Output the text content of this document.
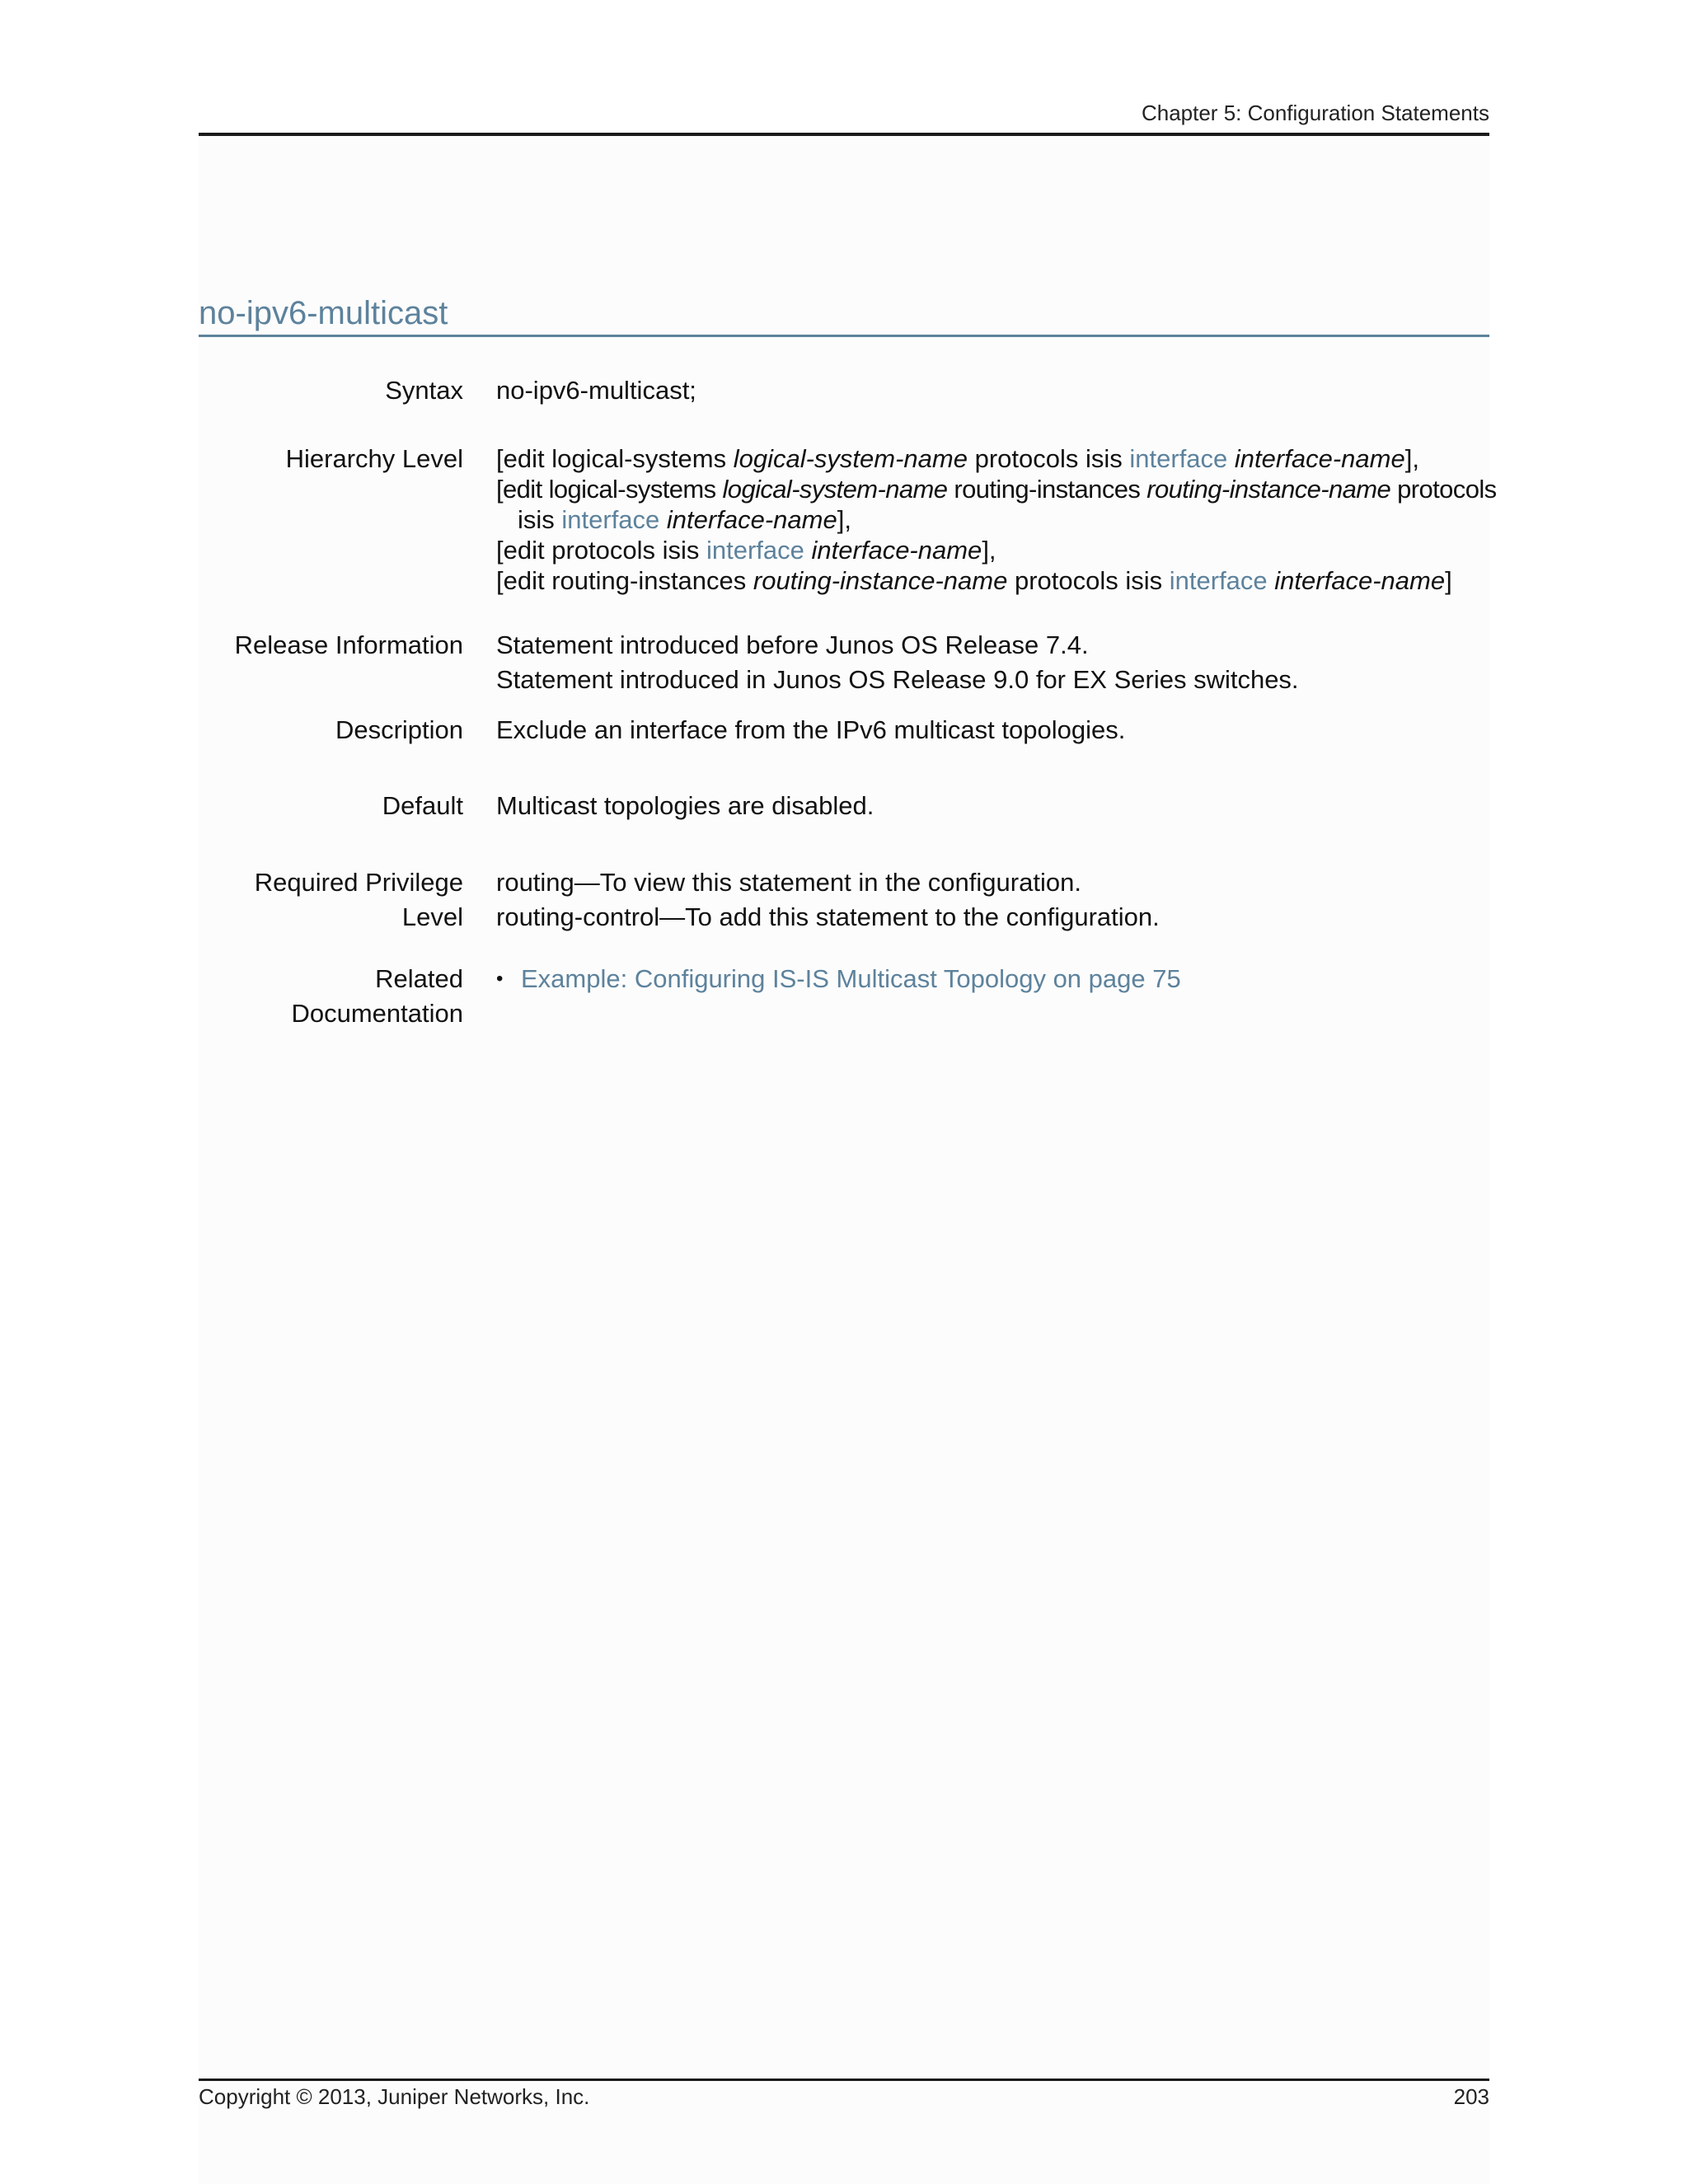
Chapter 5: Configuration Statements
no-ipv6-multicast
Syntax no-ipv6-multicast;
Hierarchy Level [edit logical-systems logical-system-name protocols isis interface interface-name],
[edit logical-systems logical-system-name routing-instances routing-instance-name protocols
isis interface interface-name],
[edit protocols isis interface interface-name],
[edit routing-instances routing-instance-name protocols isis interface interface-name]
Release Information Statement introduced before Junos OS Release 7.4.
Statement introduced in Junos OS Release 9.0 for EX Series switches.
Description Exclude an interface from the IPv6 multicast topologies.
Default Multicast topologies are disabled.
Required Privilege
Level
routing—To view this statement in the configuration.
routing-control—To add this statement to the configuration.
Related
Documentation
• Example: Configuring IS-IS Multicast Topology on page 75
Copyright © 2013, Juniper Networks, Inc.	203
